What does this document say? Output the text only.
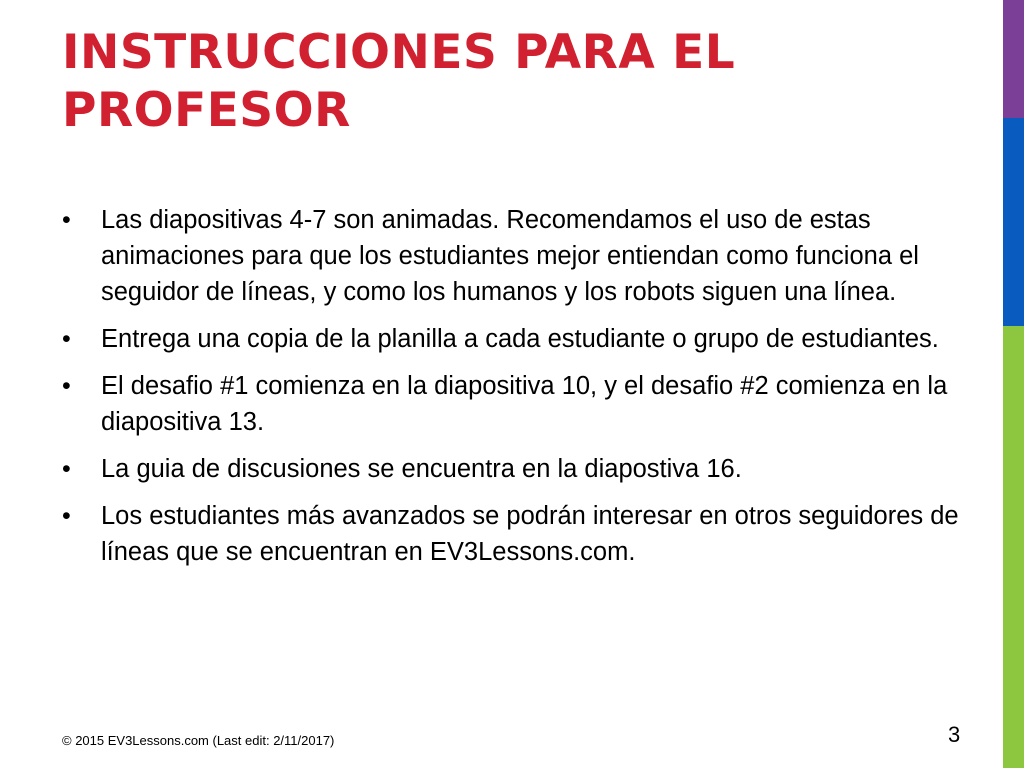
INSTRUCCIONES PARA EL PROFESOR
• Las diapositivas 4-7 son animadas. Recomendamos el uso de estas animaciones para que los estudiantes mejor entiendan como funciona el seguidor de líneas, y como los humanos y los robots siguen una línea.
• Entrega una copia de la planilla a cada estudiante o grupo de estudiantes.
• El desafio #1 comienza en la diapositiva 10, y el desafio #2 comienza en la diapositiva 13.
• La guia de discusiones se encuentra en la diapostiva 16.
• Los estudiantes más avanzados se podrán interesar en otros seguidores de líneas que se encuentran en EV3Lessons.com.
© 2015 EV3Lessons.com (Last edit: 2/11/2017)	3
